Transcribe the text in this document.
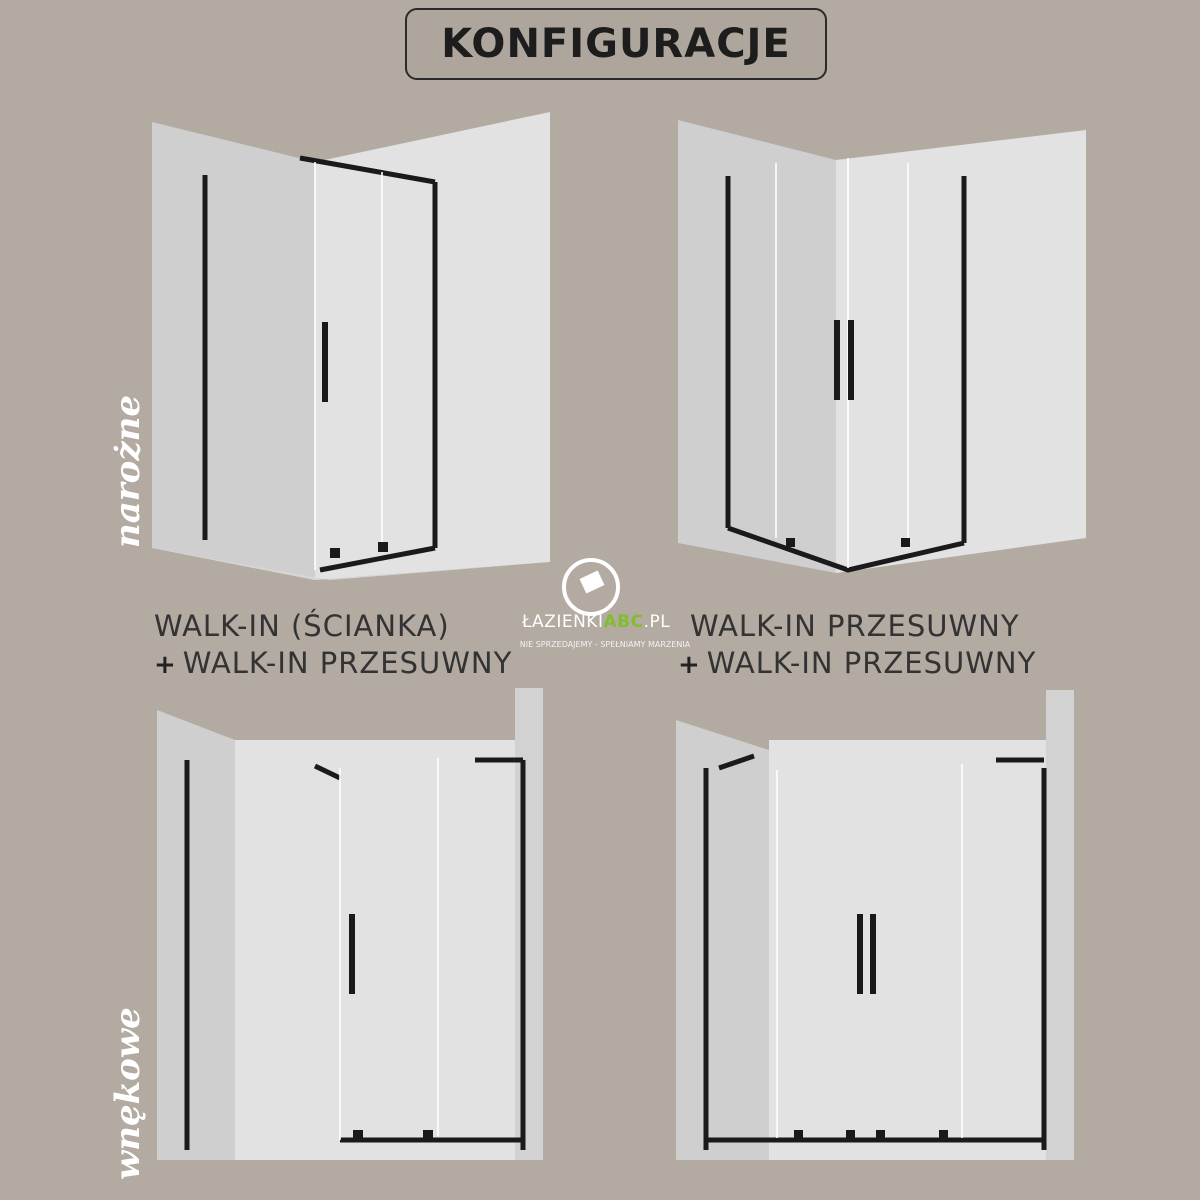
KONFIGURACJE
narożne
wnękowe
ŁAZIENKIABC.PL
NIE SPRZEDAJEMY - SPEŁNIAMY MARZENIA
WALK-IN (ŚCIANKA)
+ WALK-IN PRZESUWNY
WALK-IN PRZESUWNY
+ WALK-IN PRZESUWNY
